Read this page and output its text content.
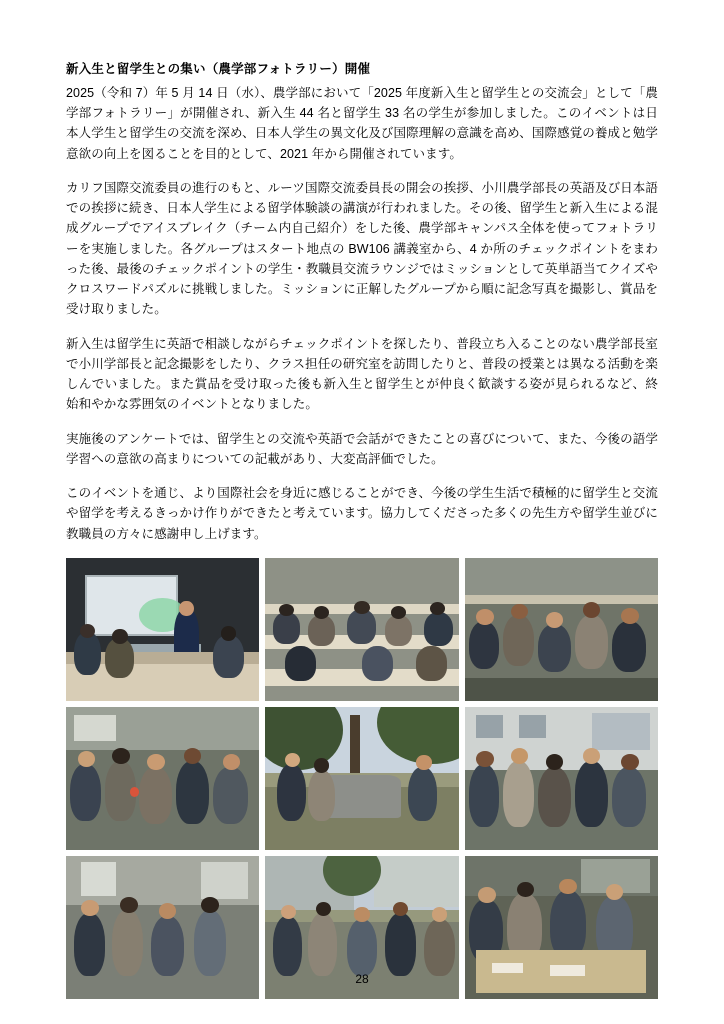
新入生と留学生との集い（農学部フォトラリー）開催

2025（令和 7）年 5 月 14 日（水）、農学部において「2025 年度新入生と留学生との交流会」として「農学部フォトラリー」が開催され、新入生 44 名と留学生 33 名の学生が参加しました。このイベントは日本人学生と留学生の交流を深め、日本人学生の異文化及び国際理解の意識を高め、国際感覚の養成と勉学意欲の向上を図ることを目的として、2021 年から開催されています。

カリフ国際交流委員の進行のもと、ルーツ国際交流委員長の開会の挨拶、小川農学部長の英語及び日本語での挨拶に続き、日本人学生による留学体験談の講演が行われました。その後、留学生と新入生による混成グループでアイスブレイク（チーム内自己紹介）をした後、農学部キャンパス全体を使ってフォトラリーを実施しました。各グループはスタート地点の BW106 講義室から、4 か所のチェックポイントをまわった後、最後のチェックポイントの学生・教職員交流ラウンジではミッションとして英単語当てクイズやクロスワードパズルに挑戦しました。ミッションに正解したグループから順に記念写真を撮影し、賞品を受け取りました。

新入生は留学生に英語で相談しながらチェックポイントを探したり、普段立ち入ることのない農学部長室で小川学部長と記念撮影をしたり、クラス担任の研究室を訪問したりと、普段の授業とは異なる活動を楽しんでいました。また賞品を受け取った後も新入生と留学生とが仲良く歓談する姿が見られるなど、終始和やかな雰囲気のイベントとなりました。

実施後のアンケートでは、留学生との交流や英語で会話ができたことの喜びについて、また、今後の語学学習への意欲の高まりについての記載があり、大変高評価でした。

このイベントを通じ、より国際社会を身近に感じることができ、今後の学生生活で積極的に留学生と交流や留学を考えるきっかけ作りができたと考えています。協力してくださった多くの先生方や留学生並びに教職員の方々に感謝申し上げます。

28
